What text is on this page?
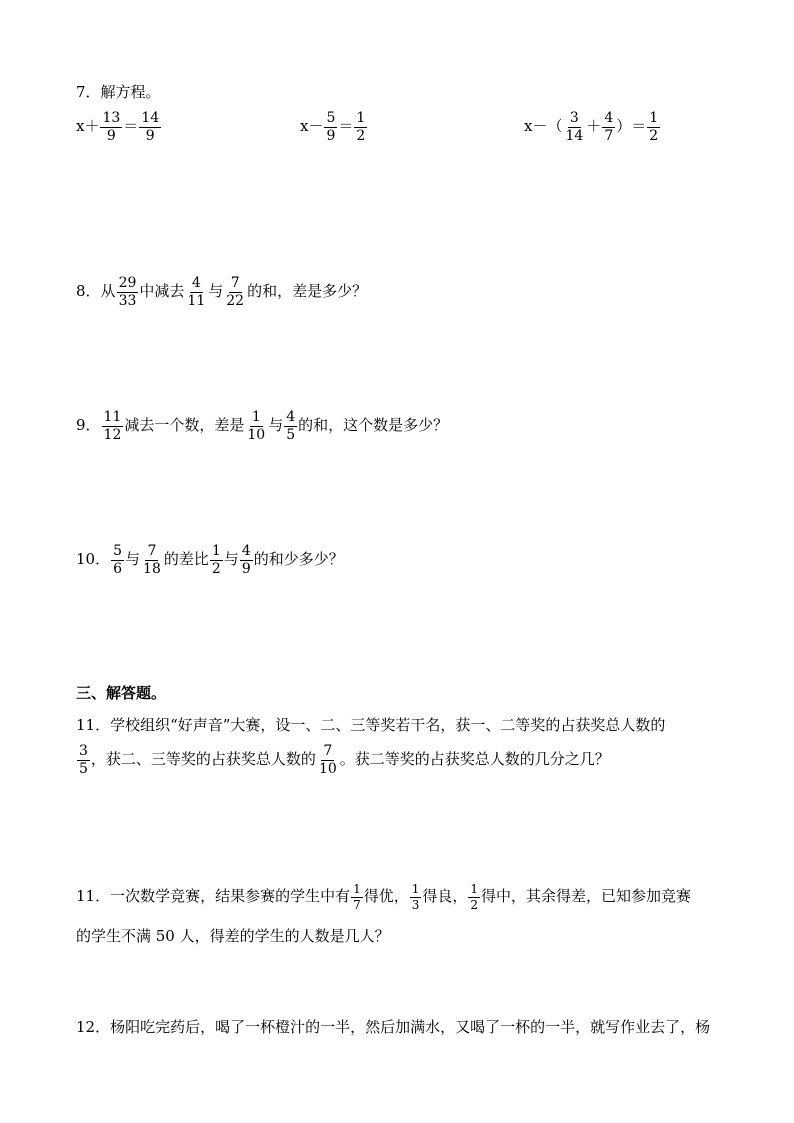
7．解方程。
$x+ \frac{13}{9} = \frac{14}{9}$	$x- \frac{5}{9} = \frac{1}{2}$	$x-( \frac{3}{14} + \frac{4}{7}$ ）＝ $\frac{1}{2}$
8．从 $\frac{29}{33}$ 中减去 $\frac{4}{11}$ 与 $\frac{7}{22}$ 的和，差是多少？
9． $\frac{11}{12}$ 减去一个数，差是 $\frac{1}{10}$ 与 $\frac{4}{5}$ 的和，这个数是多少？
10． $\frac{5}{6}$ 与 $\frac{7}{18}$ 的差比 $\frac{1}{2}$ 与 $\frac{4}{9}$ 的和少多少？
三、解答题。
11．学校组织“好声音”大赛，设一、二、三等奖若干名，获一、二等奖的占获奖总人数的
$\frac{3}{5}$ ，获二、三等奖的占获奖总人数的 $\frac{7}{10}$ 。获二等奖的占获奖总人数的几分之几？
11．一次数学竞赛，结果参赛的学生中有 $\frac{1}{7}$ 得优， $\frac{1}{3}$ 得良， $\frac{1}{2}$ 得中，其余得差，已知参加竞赛
的学生不满 50 人，得差的学生的人数是几人？
12．杨阳吃完药后，喝了一杯橙汁的一半，然后加满水，又喝了一杯的一半，就写作业去了，杨
